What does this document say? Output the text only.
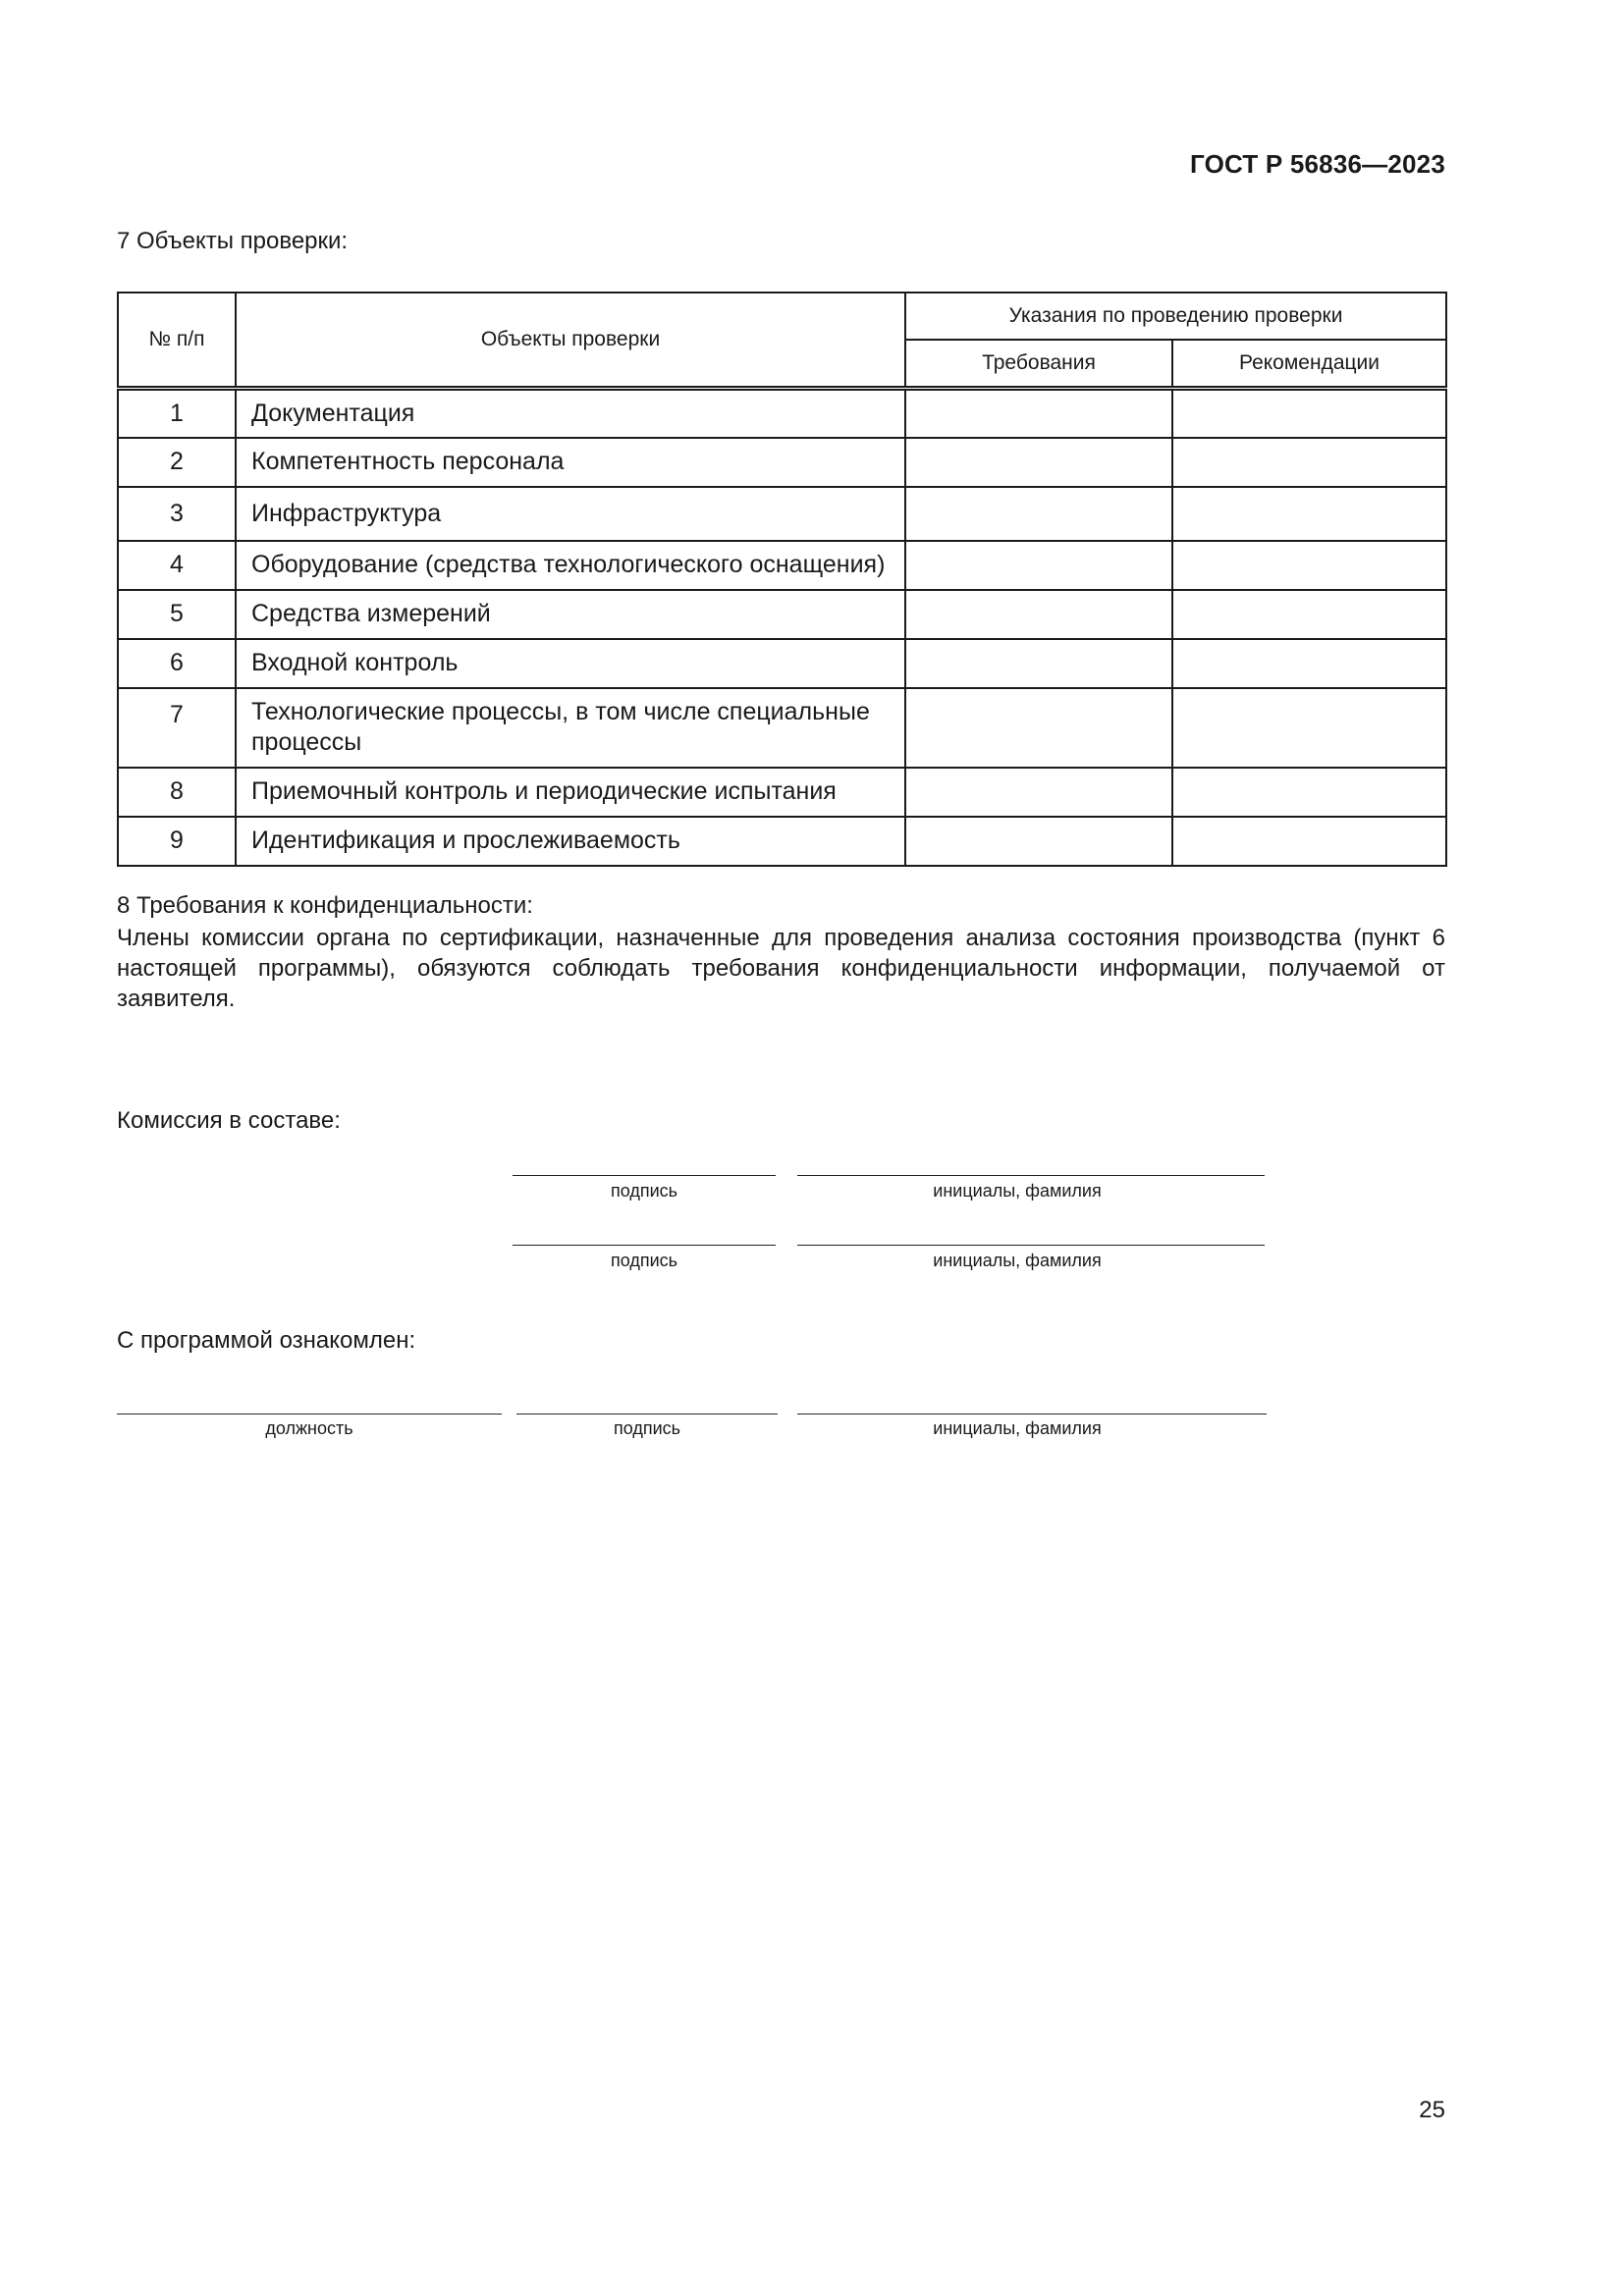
ГОСТ Р 56836—2023
7 Объекты проверки:
№ п/п	Объекты проверки	Указания по проведению проверки	
		Требования	Рекомендации
1	Документация		
2	Компетентность персонала		
3	Инфраструктура		
4	Оборудование (средства технологического оснащения)		
5	Средства измерений		
6	Входной контроль		
7	Технологические процессы, в том числе специальные процессы		
8	Приемочный контроль и периодические испытания		
9	Идентификация и прослеживаемость		
8 Требования к конфиденциальности:
Члены комиссии органа по сертификации, назначенные для проведения анализа состояния производства (пункт 6 настоящей программы), обязуются соблюдать требования конфиденциальности информации, получаемой от заявителя.
Комиссия в составе:
подпись	инициалы, фамилия
подпись	инициалы, фамилия
С программой ознакомлен:
должность	подпись	инициалы, фамилия
25
